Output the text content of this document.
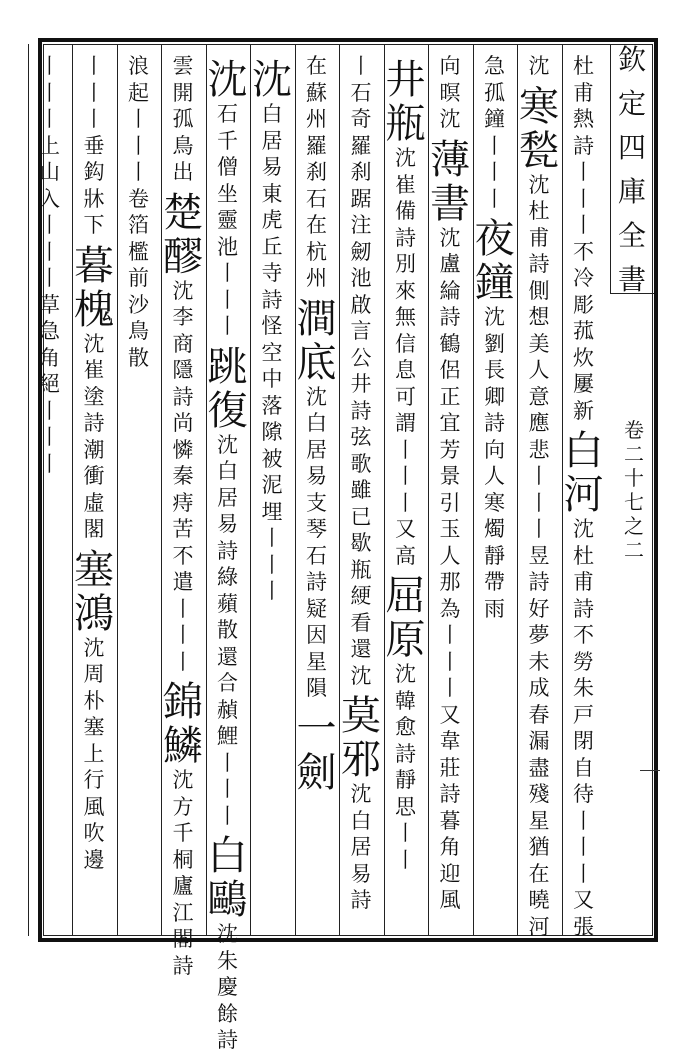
欽
定
四
庫
全
書
卷
二
十
七
之
二
杜
甫
熱
詩
丨
丨
丨
不
冷
彫
菰
炊
屢
新
白
河
沈
杜
甫
詩
不
勞
朱
戸
閉
自
待
丨
丨
丨
又
張
沈
寒
甃
沈
杜
甫
詩
側
想
美
人
意
應
悲
丨
丨
丨
昱
詩
好
夢
未
成
春
漏
盡
殘
星
猶
在
曉
河
急
孤
鐘
丨
丨
丨
夜
鐘
沈
劉
長
卿
詩
向
人
寒
燭
靜
帶
雨
向
暝
沈
薄
書
沈
盧
綸
詩
鶴
侶
正
宜
芳
景
引
玉
人
那
為
丨
丨
丨
又
韋
莊
詩
暮
角
迎
風
井
瓶
沈
崔
備
詩
別
來
無
信
息
可
謂
丨
丨
丨
又
高
屈
原
沈
韓
愈
詩
靜
思
丨
丨
丨
石
奇
羅
刹
踞
注
劒
池
啟
言
公
井
詩
弦
歌
雖
已
歇
瓶
綆
看
還
沈
莫
邪
沈
白
居
易
詩
在
蘇
州
羅
刹
石
在
杭
州
澗
底
沈
白
居
易
支
琴
石
詩
疑
因
星
隕
一
劍
沈
白
居
易
東
虎
丘
寺
詩
怪
空
中
落
𨻶
被
泥
埋
丨
丨
丨
沈
石
千
僧
坐
靈
池
丨
丨
丨
跳
復
沈
白
居
易
詩
綠
蘋
散
還
合
赬
鯉
丨
丨
丨
白
鷗
沈
朱
慶
餘
詩
雲
開
孤
鳥
出
楚
醪
沈
李
商
隱
詩
尚
憐
秦
痔
苦
不
遣
丨
丨
丨
錦
鱗
沈
方
千
桐
廬
江
閣
詩
浪
起
丨
丨
丨
卷
箔
檻
前
沙
鳥
散
丨
丨
丨
垂
鈎
牀
下
暮
槐
沈
崔
塗
詩
潮
衝
虛
閣
塞
鴻
沈
周
朴
塞
上
行
風
吹
邊
丨
丨
丨
上
山
入
丨
丨
丨
草
急
角
絕
丨
丨
丨
